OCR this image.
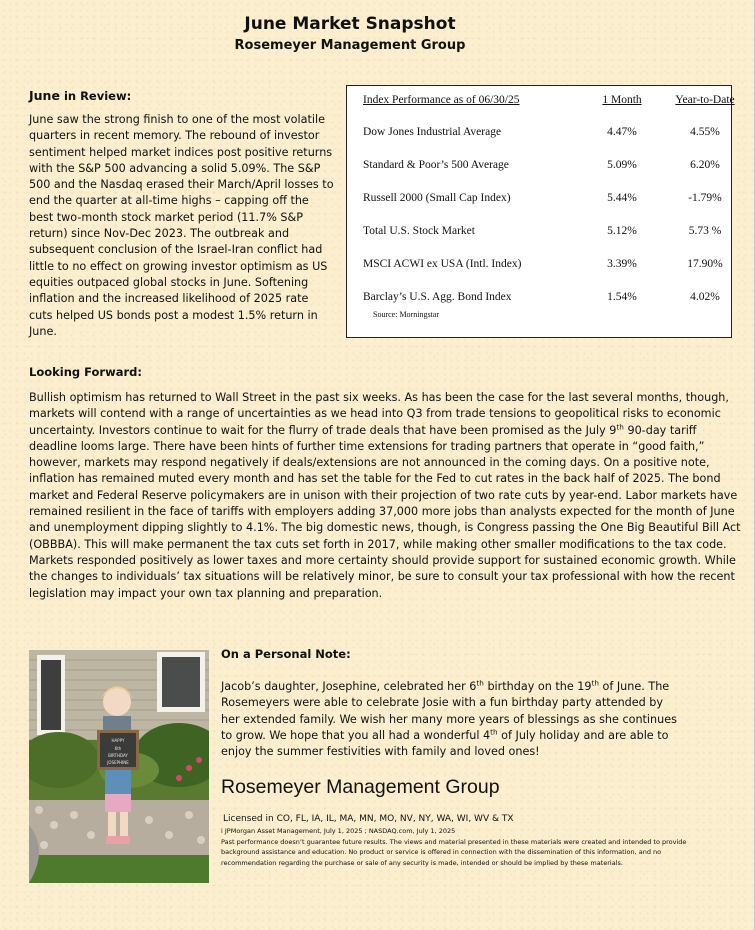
June Market Snapshot
Rosemeyer Management Group
June in Review:
June saw the strong finish to one of the most volatile quarters in recent memory. The rebound of investor sentiment helped market indices post positive returns with the S&P 500 advancing a solid 5.09%. The S&P 500 and the Nasdaq erased their March/April losses to end the quarter at all-time highs – capping off the best two-month stock market period (11.7% S&P return) since Nov-Dec 2023. The outbreak and subsequent conclusion of the Israel-Iran conflict had little to no effect on growing investor optimism as US equities outpaced global stocks in June. Softening inflation and the increased likelihood of 2025 rate cuts helped US bonds post a modest 1.5% return in June.
Index Performance as of 06/30/25	1 Month	Year-to-Date
Dow Jones Industrial Average	4.47%	4.55%
Standard & Poor’s 500 Average	5.09%	6.20%
Russell 2000 (Small Cap Index)	5.44%	-1.79%
Total U.S. Stock Market	5.12%	5.73 %
MSCI ACWI ex USA (Intl. Index)	3.39%	17.90%
Barclay’s U.S. Agg. Bond Index	1.54%	4.02%
Source: Morningstar
Looking Forward:
Bullish optimism has returned to Wall Street in the past six weeks. As has been the case for the last several months, though, markets will contend with a range of uncertainties as we head into Q3 from trade tensions to geopolitical risks to economic uncertainty. Investors continue to wait for the flurry of trade deals that have been promised as the July 9th 90-day tariff deadline looms large. There have been hints of further time extensions for trading partners that operate in “good faith,” however, markets may respond negatively if deals/extensions are not announced in the coming days. On a positive note, inflation has remained muted every month and has set the table for the Fed to cut rates in the back half of 2025. The bond market and Federal Reserve policymakers are in unison with their projection of two rate cuts by year-end. Labor markets have remained resilient in the face of tariffs with employers adding 37,000 more jobs than analysts expected for the month of June and unemployment dipping slightly to 4.1%. The big domestic news, though, is Congress passing the One Big Beautiful Bill Act (OBBBA). This will make permanent the tax cuts set forth in 2017, while making other smaller modifications to the tax code. Markets responded positively as lower taxes and more certainty should provide support for sustained economic growth. While the changes to individuals’ tax situations will be relatively minor, be sure to consult your tax professional with how the recent legislation may impact your own tax planning and preparation.
HAPPY
6th
BIRTHDAY
JOSEPHINE
On a Personal Note:
Jacob’s daughter, Josephine, celebrated her 6th birthday on the 19th of June. The Rosemeyers were able to celebrate Josie with a fun birthday party attended by her extended family. We wish her many more years of blessings as she continues to grow. We hope that you all had a wonderful 4th of July holiday and are able to enjoy the summer festivities with family and loved ones!
Rosemeyer Management Group
Licensed in CO, FL, IA, IL, MA, MN, MO, NV, NY, WA, WI, WV & TX
i JPMorgan Asset Management, July 1, 2025 ; NASDAQ.com, July 1, 2025
Past performance doesn’t guarantee future results. The views and material presented in these materials were created and intended to provide background assistance and education. No product or service is offered in connection with the dissemination of this information, and no recommendation regarding the purchase or sale of any security is made, intended or should be implied by these materials.
